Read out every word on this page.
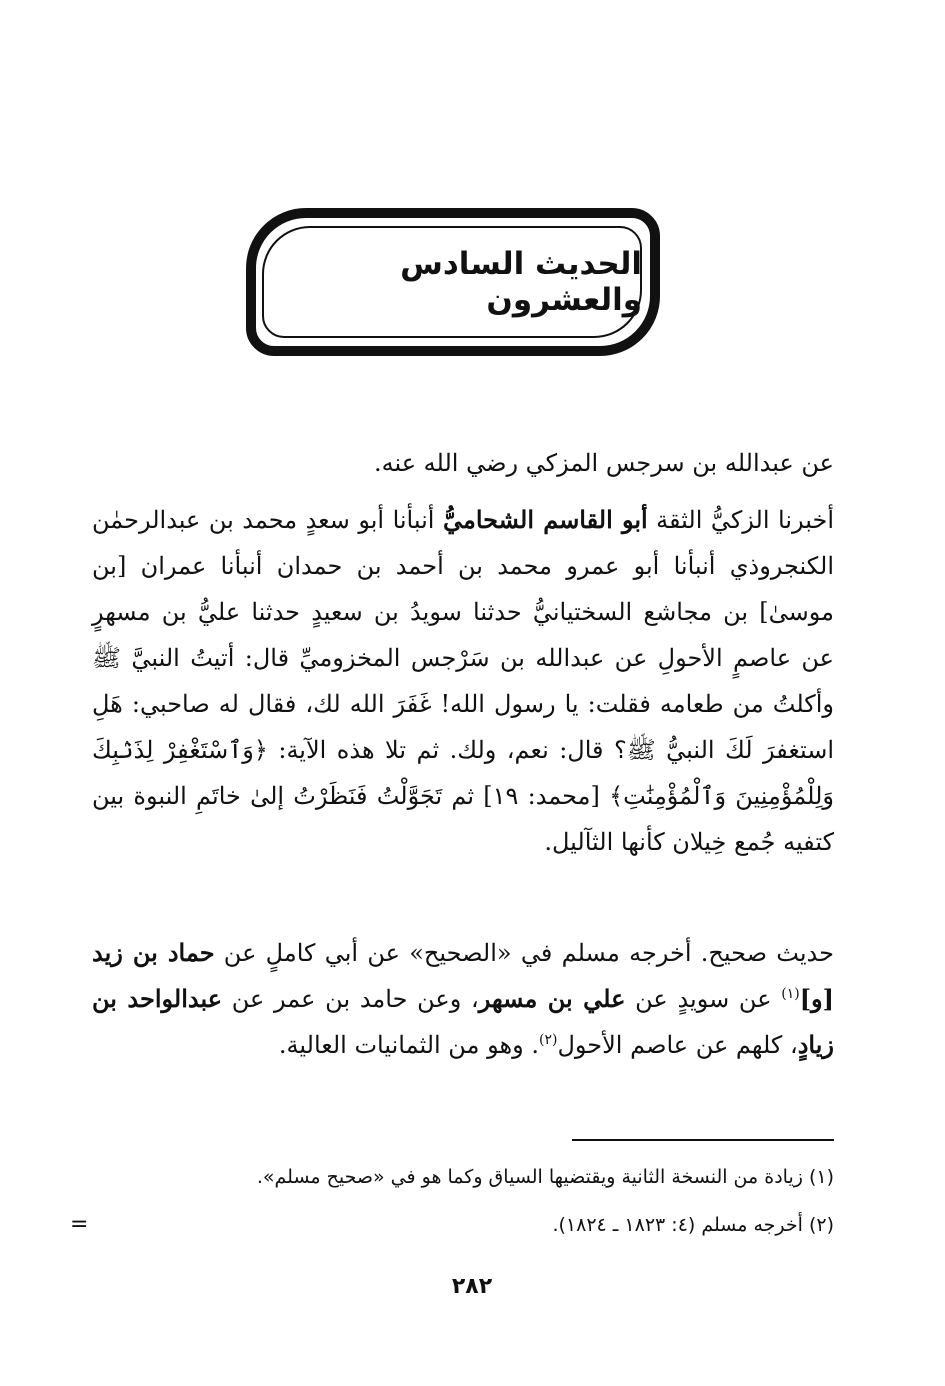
الحديث السادس والعشرون

عن عبدالله بن سرجس المزكي رضي الله عنه.

أخبرنا الزكيُّ الثقة أبو القاسم الشحاميُّ أنبأنا أبو سعدٍ محمد بن عبدالرحمٰن الكنجروذي أنبأنا أبو عمرو محمد بن أحمد بن حمدان أنبأنا عمران [بن موسىٰ] بن مجاشع السختيانيُّ حدثنا سويدُ بن سعيدٍ حدثنا عليُّ بن مسهرٍ عن عاصمٍ الأحولِ عن عبدالله بن سَرْجس المخزوميِّ قال: أتيتُ النبيَّ ﷺ وأكلتُ من طعامه فقلت: يا رسول الله! غَفَرَ الله لك، فقال له صاحبي: هَلِ استغفرَ لَكَ النبيُّ ﷺ؟ قال: نعم، ولك. ثم تلا هذه الآية: ﴿وَٱسْتَغْفِرْ لِذَنۢبِكَ وَلِلْمُؤْمِنِينَ وَٱلْمُؤْمِنَٰتِ﴾ [محمد: ١٩] ثم تَجَوَّلْتُ فَنَظَرْتُ إلىٰ خاتَمِ النبوة بين كتفيه جُمع خِيلان كأنها الثآليل.

حديث صحيح. أخرجه مسلم في «الصحيح» عن أبي كاملٍ عن حماد بن زيد [و]$^{(١)}$ عن سويدٍ عن علي بن مسهر، وعن حامد بن عمر عن عبدالواحد بن زيادٍ، كلهم عن عاصم الأحول$^{(٢)}$. وهو من الثمانيات العالية.

(١) زيادة من النسخة الثانية ويقتضيها السياق وكما هو في «صحيح مسلم».

(٢) أخرجه مسلم (٤: ١٨٢٣ ـ ١٨٢٤).

=
٢٨٢
